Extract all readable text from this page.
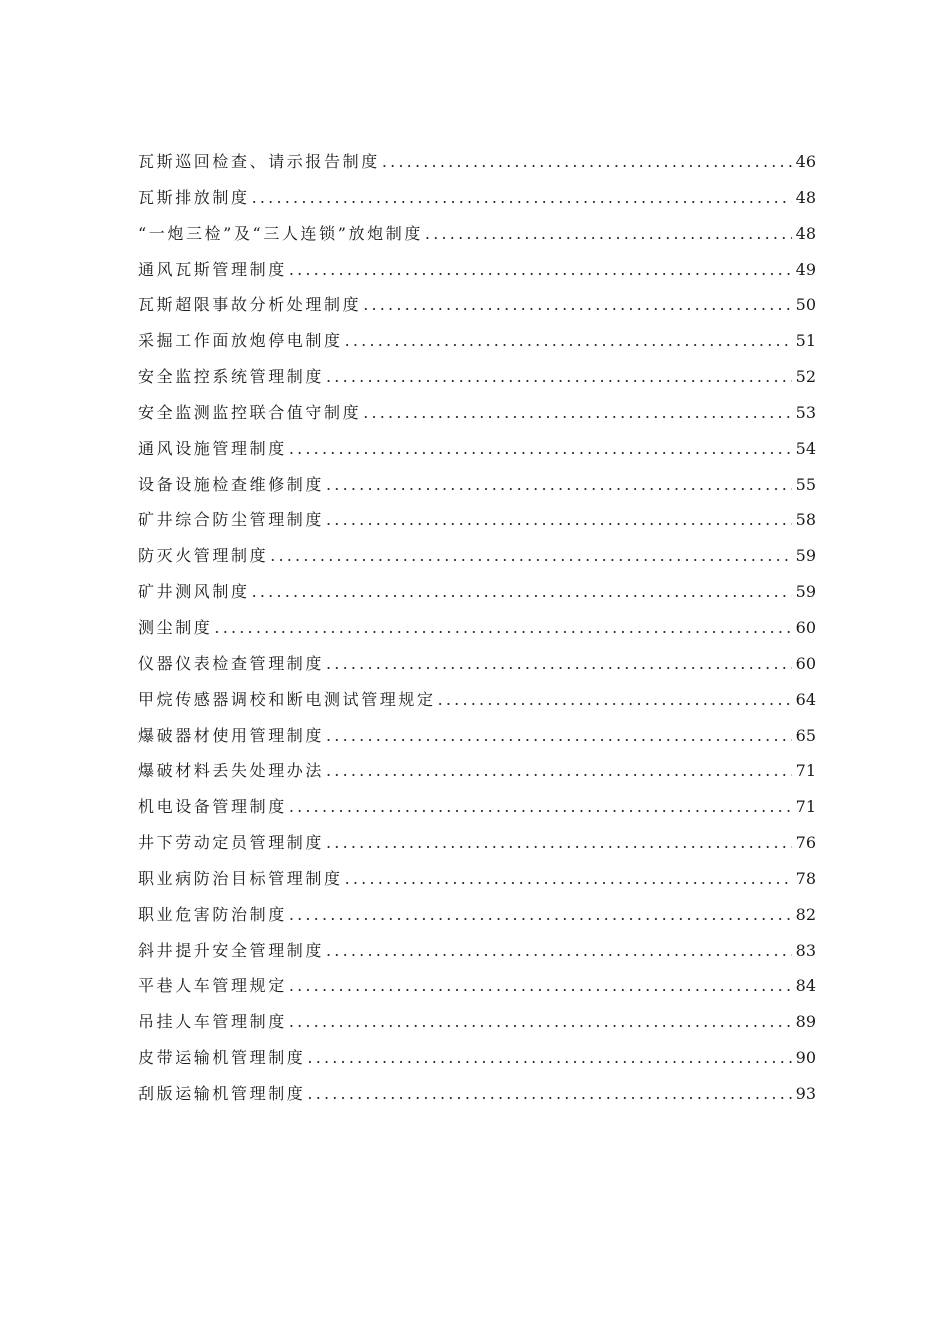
瓦斯巡回检查、请示报告制度 .....	46
瓦斯排放制度 .....	48
“一炮三检”及“三人连锁”放炮制度 .....	48
通风瓦斯管理制度 .....	49
瓦斯超限事故分析处理制度 .....	50
采掘工作面放炮停电制度 .....	51
安全监控系统管理制度 .....	52
安全监测监控联合值守制度 .....	53
通风设施管理制度 .....	54
设备设施检查维修制度 .....	55
矿井综合防尘管理制度 .....	58
防灭火管理制度 .....	59
矿井测风制度 .....	59
测尘制度 .....	60
仪器仪表检查管理制度 .....	60
甲烷传感器调校和断电测试管理规定 .....	64
爆破器材使用管理制度 .....	65
爆破材料丢失处理办法 .....	71
机电设备管理制度 .....	71
井下劳动定员管理制度 .....	76
职业病防治目标管理制度 .....	78
职业危害防治制度 .....	82
斜井提升安全管理制度 .....	83
平巷人车管理规定 .....	84
吊挂人车管理制度 .....	89
皮带运输机管理制度 .....	90
刮版运输机管理制度 .....	93
